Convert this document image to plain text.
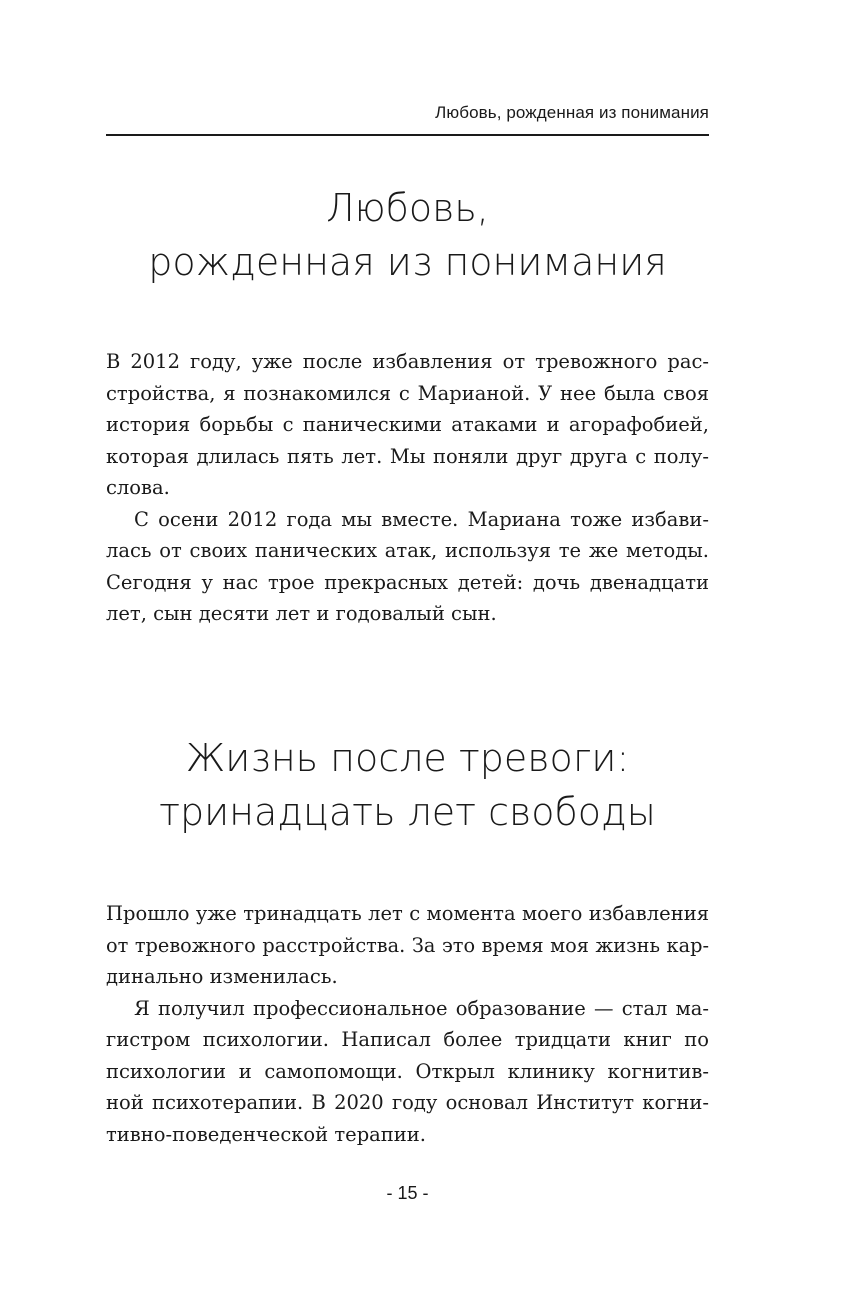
Любовь, рожденная из понимания
Любовь,
рожденная из понимания
В 2012 году, уже после избавления от тревожного рас-
стройства, я познакомился с Марианой. У нее была своя
история борьбы с паническими атаками и агорафобией,
которая длилась пять лет. Мы поняли друг друга с полу-
слова.
С осени 2012 года мы вместе. Мариана тоже избави-
лась от своих панических атак, используя те же методы.
Сегодня у нас трое прекрасных детей: дочь двенадцати
лет, сын десяти лет и годовалый сын.
Жизнь после тревоги:
тринадцать лет свободы
Прошло уже тринадцать лет с момента моего избавления
от тревожного расстройства. За это время моя жизнь кар-
динально изменилась.
Я получил профессиональное образование — стал ма-
гистром психологии. Написал более тридцати книг по
психологии и самопомощи. Открыл клинику когнитив-
ной психотерапии. В 2020 году основал Институт когни-
тивно-поведенческой терапии.
- 15 -
